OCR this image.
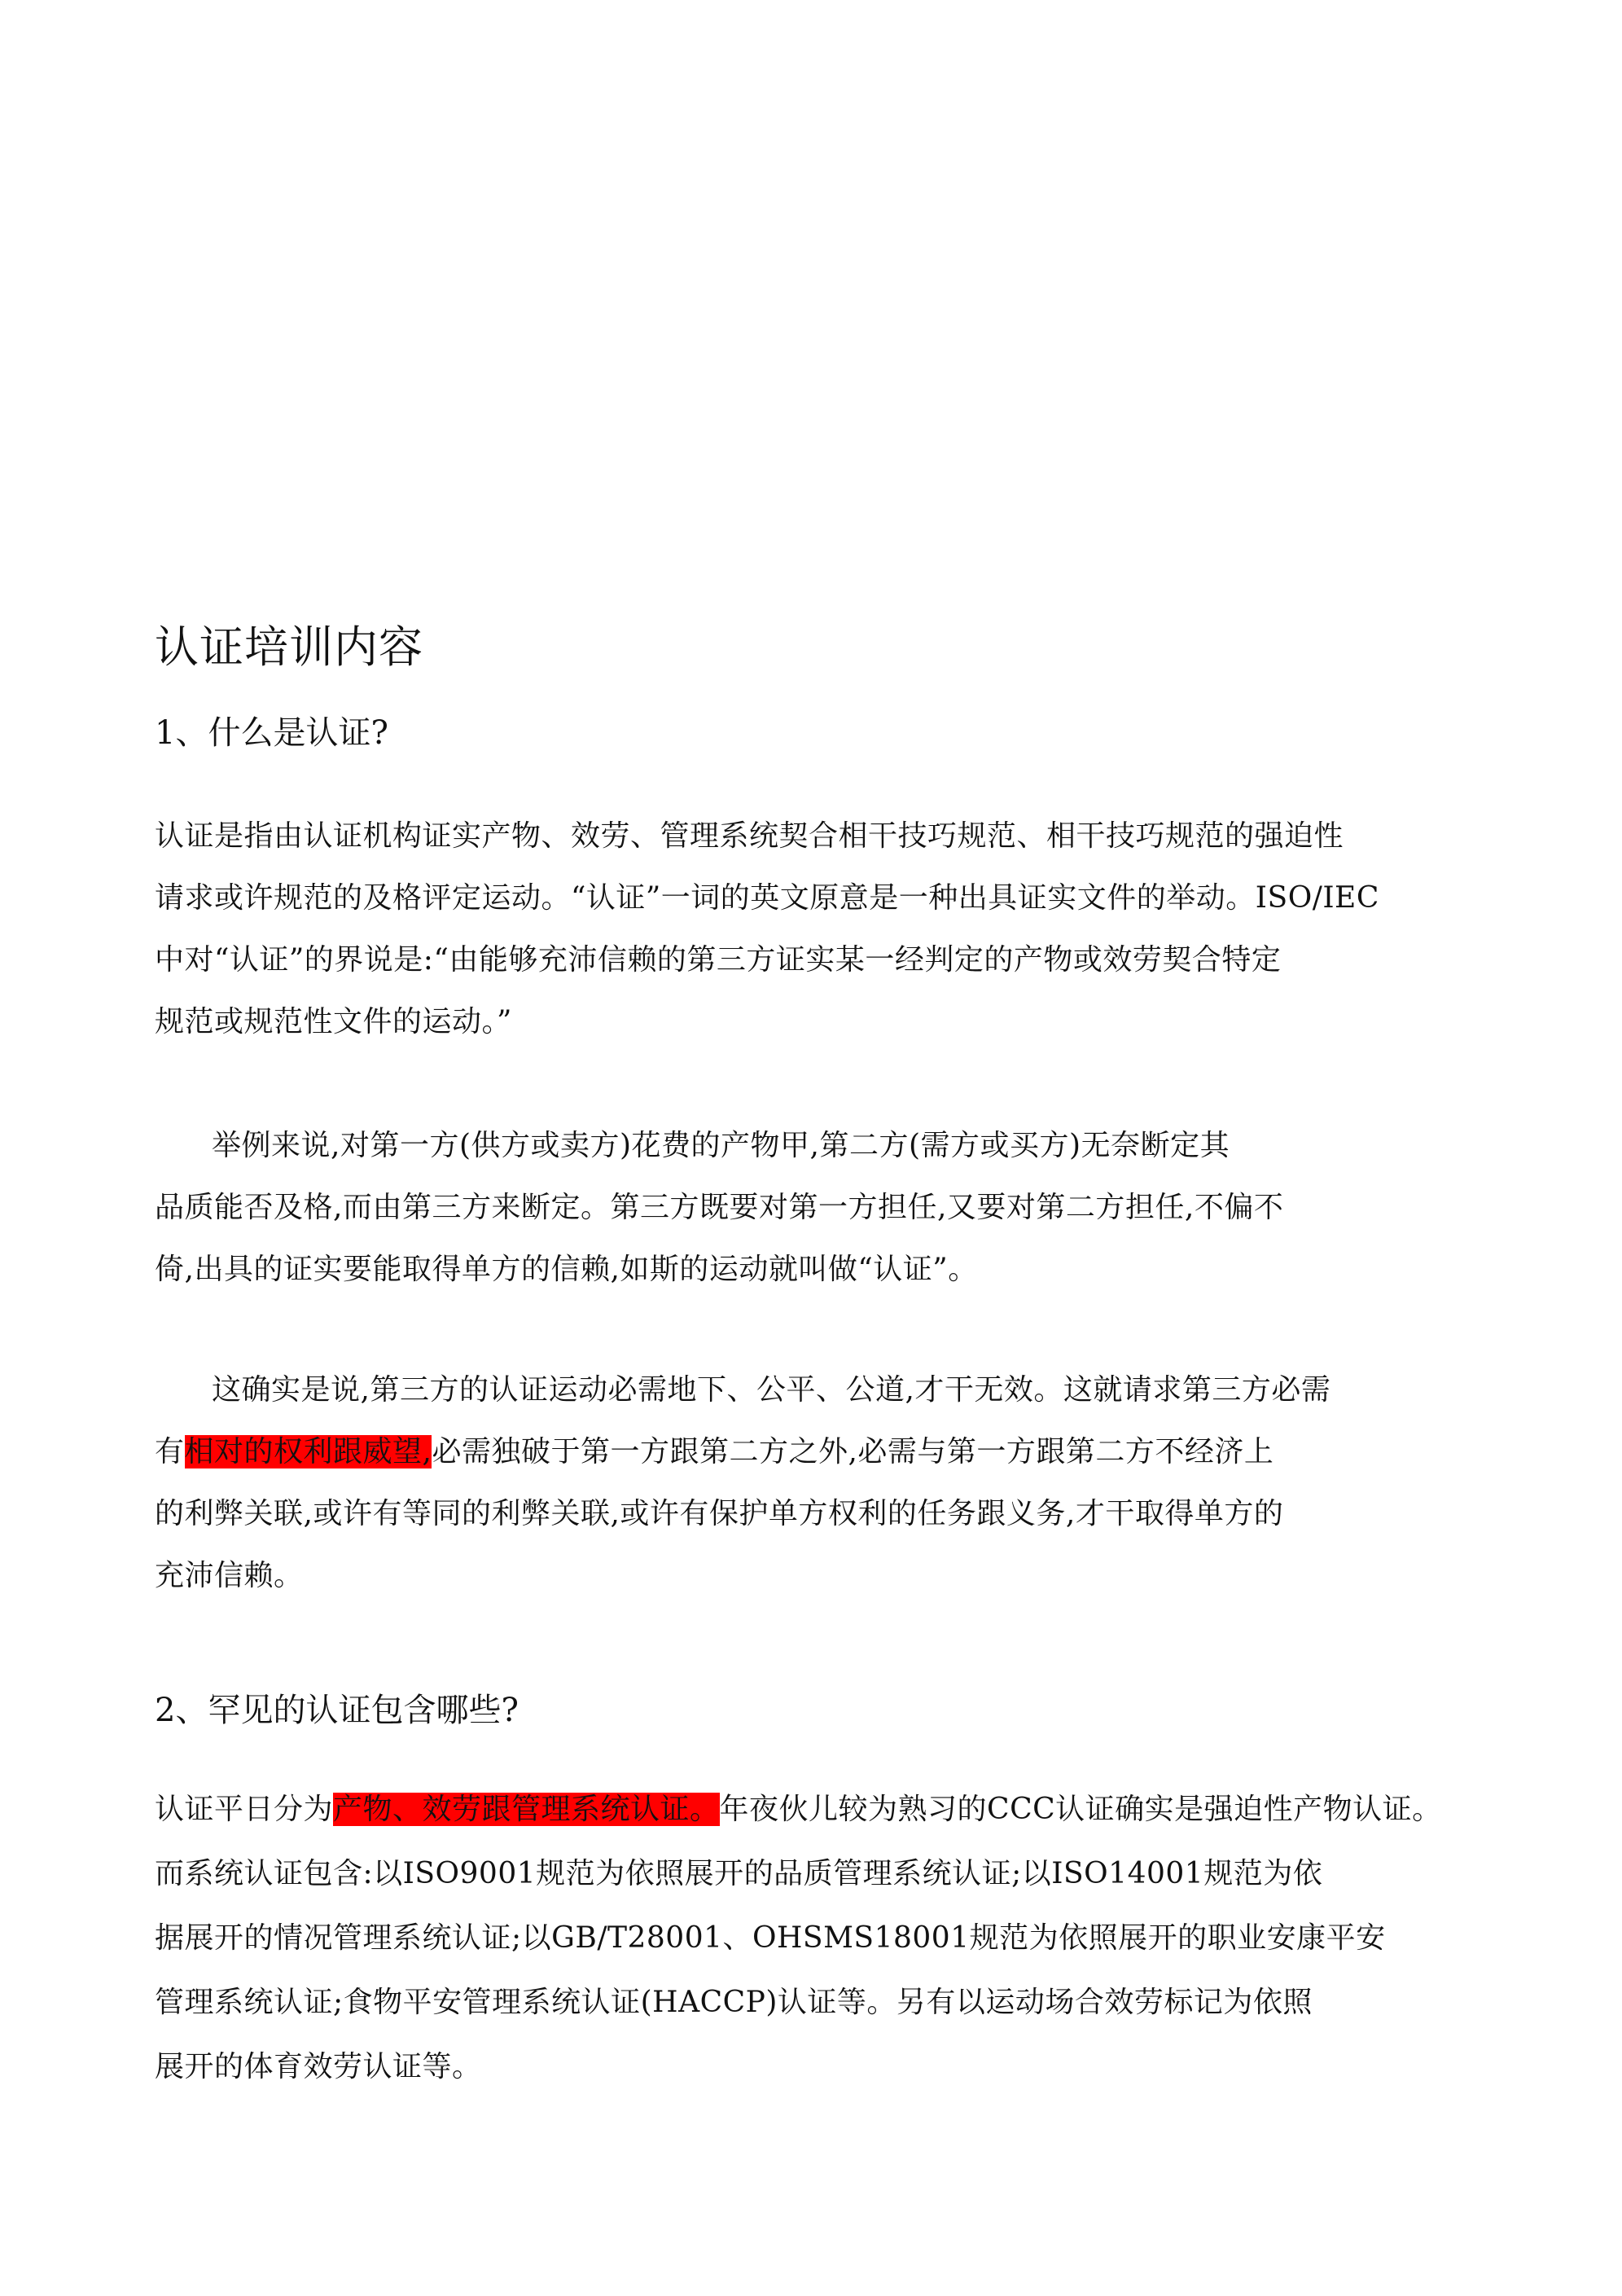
认证培训内容
1、什么是认证?
认证是指由认证机构证实产物、效劳、管理系统契合相干技巧规范、相干技巧规范的强迫性
请求或许规范的及格评定运动。“认证”一词的英文原意是一种出具证实文件的举动。ISO/IEC
中对“认证”的界说是:“由能够充沛信赖的第三方证实某一经判定的产物或效劳契合特定
规范或规范性文件的运动。”
举例来说,对第一方(供方或卖方)花费的产物甲,第二方(需方或买方)无奈断定其
品质能否及格,而由第三方来断定。第三方既要对第一方担任,又要对第二方担任,不偏不
倚,出具的证实要能取得单方的信赖,如斯的运动就叫做“认证”。
这确实是说,第三方的认证运动必需地下、公平、公道,才干无效。这就请求第三方必需
有相对的权利跟威望,必需独破于第一方跟第二方之外,必需与第一方跟第二方不经济上
的利弊关联,或许有等同的利弊关联,或许有保护单方权利的任务跟义务,才干取得单方的
充沛信赖。
2、罕见的认证包含哪些?
认证平日分为产物、效劳跟管理系统认证。年夜伙儿较为熟习的CCC认证确实是强迫性产物认证。
而系统认证包含:以ISO9001规范为依照展开的品质管理系统认证;以ISO14001规范为依
据展开的情况管理系统认证;以GB/T28001、OHSMS18001规范为依照展开的职业安康平安
管理系统认证;食物平安管理系统认证(HACCP)认证等。另有以运动场合效劳标记为依照
展开的体育效劳认证等。
